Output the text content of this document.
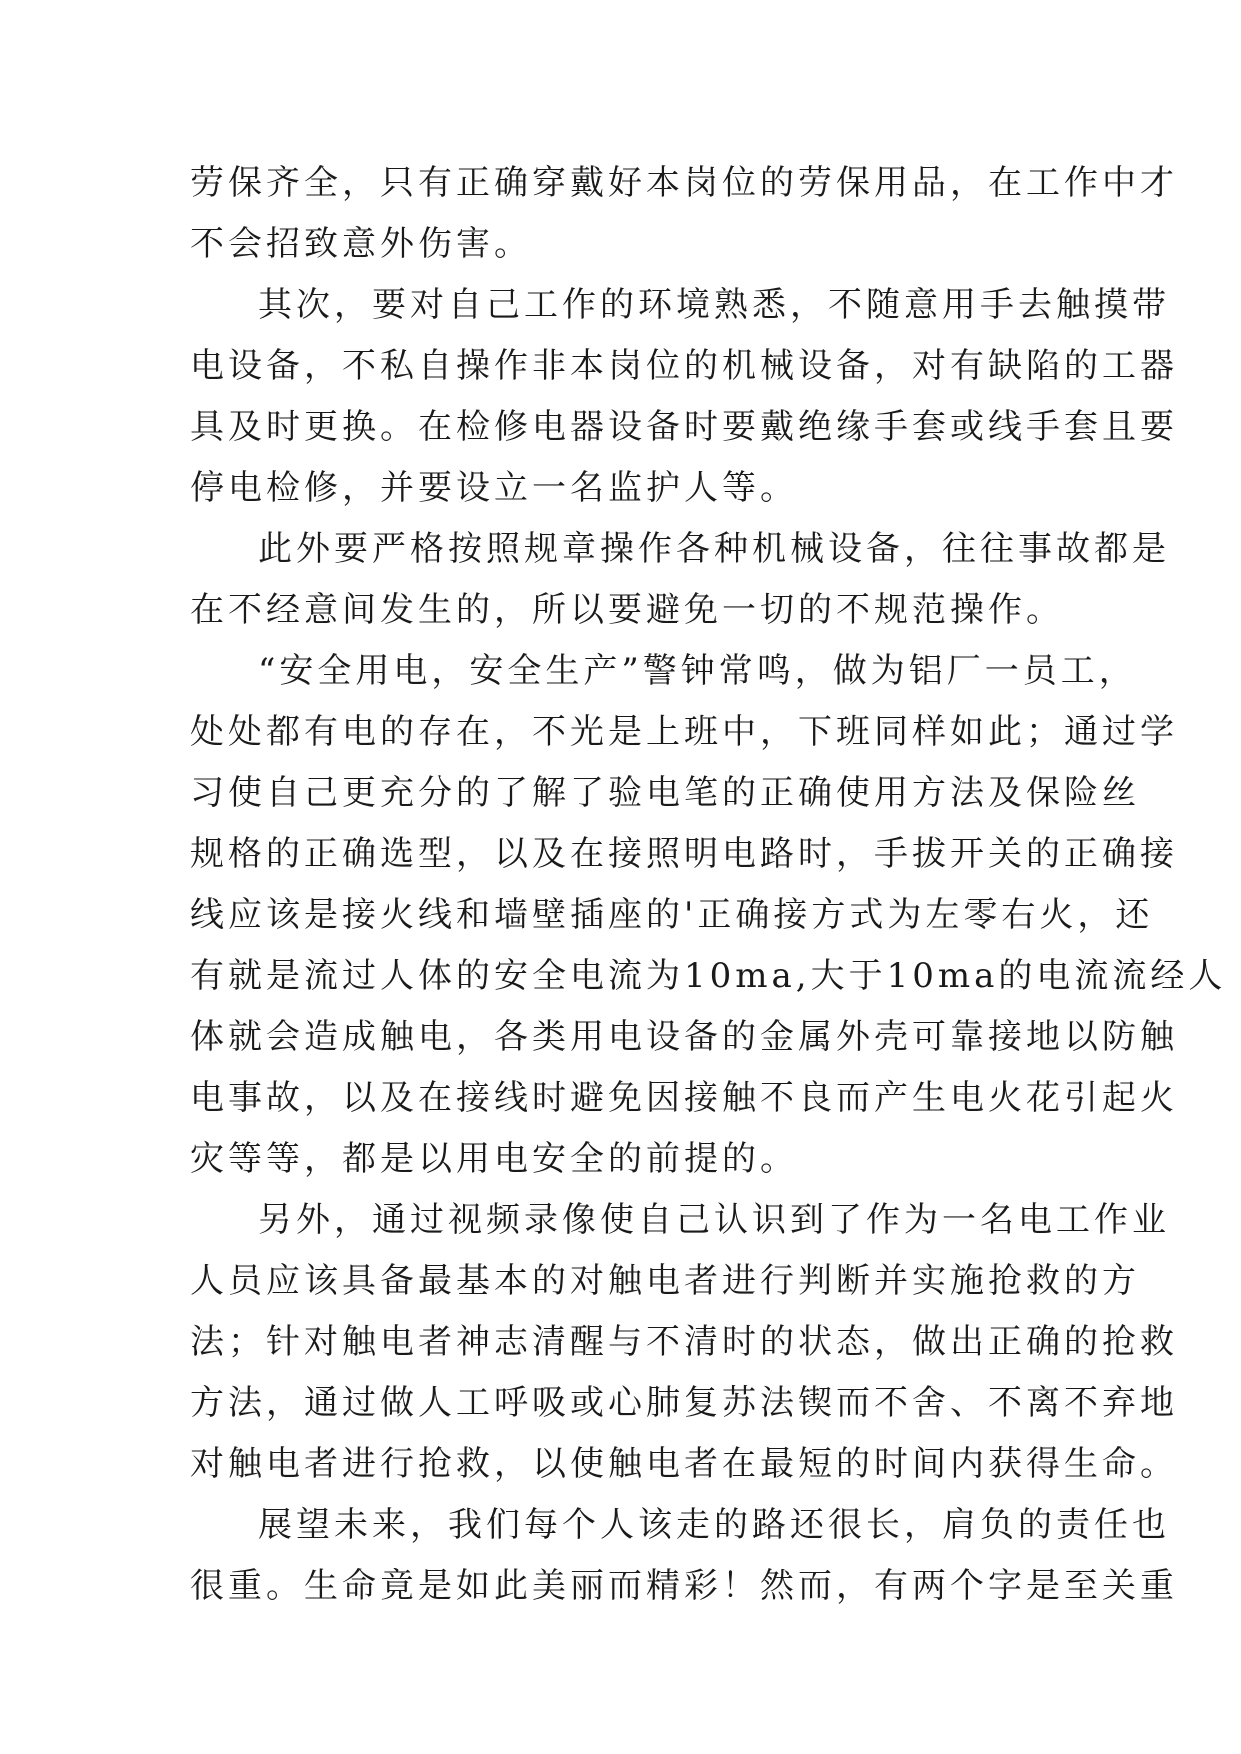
劳保齐全，只有正确穿戴好本岗位的劳保用品，在工作中才
不会招致意外伤害。
其次，要对自己工作的环境熟悉，不随意用手去触摸带
电设备，不私自操作非本岗位的机械设备，对有缺陷的工器
具及时更换。在检修电器设备时要戴绝缘手套或线手套且要
停电检修，并要设立一名监护人等。
此外要严格按照规章操作各种机械设备，往往事故都是
在不经意间发生的，所以要避免一切的不规范操作。
“安全用电，安全生产”警钟常鸣，做为铝厂一员工，
处处都有电的存在，不光是上班中，下班同样如此；通过学
习使自己更充分的了解了验电笔的正确使用方法及保险丝
规格的正确选型，以及在接照明电路时，手拔开关的正确接
线应该是接火线和墙壁插座的'正确接方式为左零右火，还
有就是流过人体的安全电流为10ma,大于10ma的电流流经人
体就会造成触电，各类用电设备的金属外壳可靠接地以防触
电事故，以及在接线时避免因接触不良而产生电火花引起火
灾等等，都是以用电安全的前提的。
另外，通过视频录像使自己认识到了作为一名电工作业
人员应该具备最基本的对触电者进行判断并实施抢救的方
法；针对触电者神志清醒与不清时的状态，做出正确的抢救
方法，通过做人工呼吸或心肺复苏法锲而不舍、不离不弃地
对触电者进行抢救，以使触电者在最短的时间内获得生命。
展望未来，我们每个人该走的路还很长，肩负的责任也
很重。生命竟是如此美丽而精彩！然而，有两个字是至关重
